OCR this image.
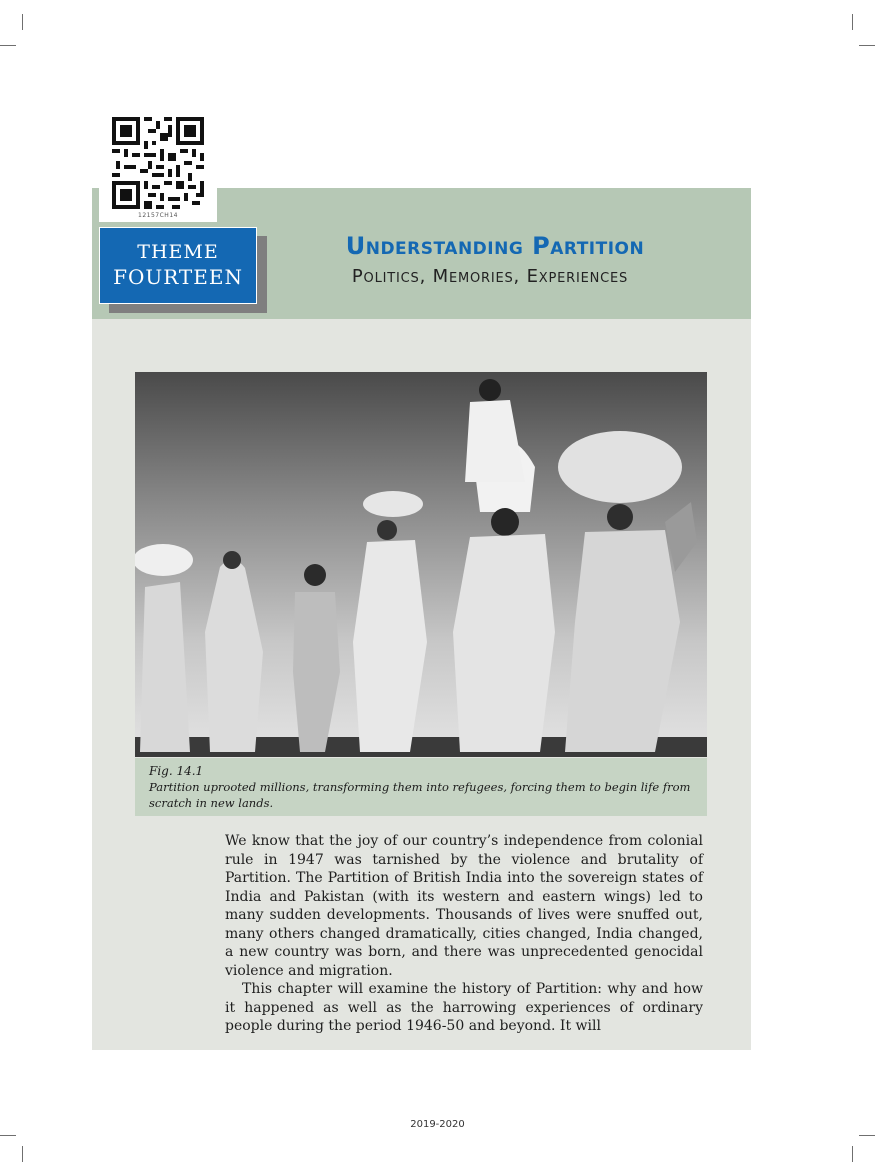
12157CH14
THEME
FOURTEEN
Understanding Partition
Politics, Memories, Experiences
Fig. 14.1
Partition uprooted millions, transforming them into refugees, forcing them to begin life from scratch in new lands.

We know that the joy of our country’s independence from colonial rule in 1947 was tarnished by the violence and brutality of Partition. The Partition of British India into the sovereign states of India and Pakistan (with its western and eastern wings) led to many sudden developments. Thousands of lives were snuffed out, many others changed dramatically, cities changed, India changed, a new country was born, and there was unprecedented genocidal violence and migration.

This chapter will examine the history of Partition: why and how it happened as well as the harrowing experiences of ordinary people during the period 1946-50 and beyond. It will

2019-2020
